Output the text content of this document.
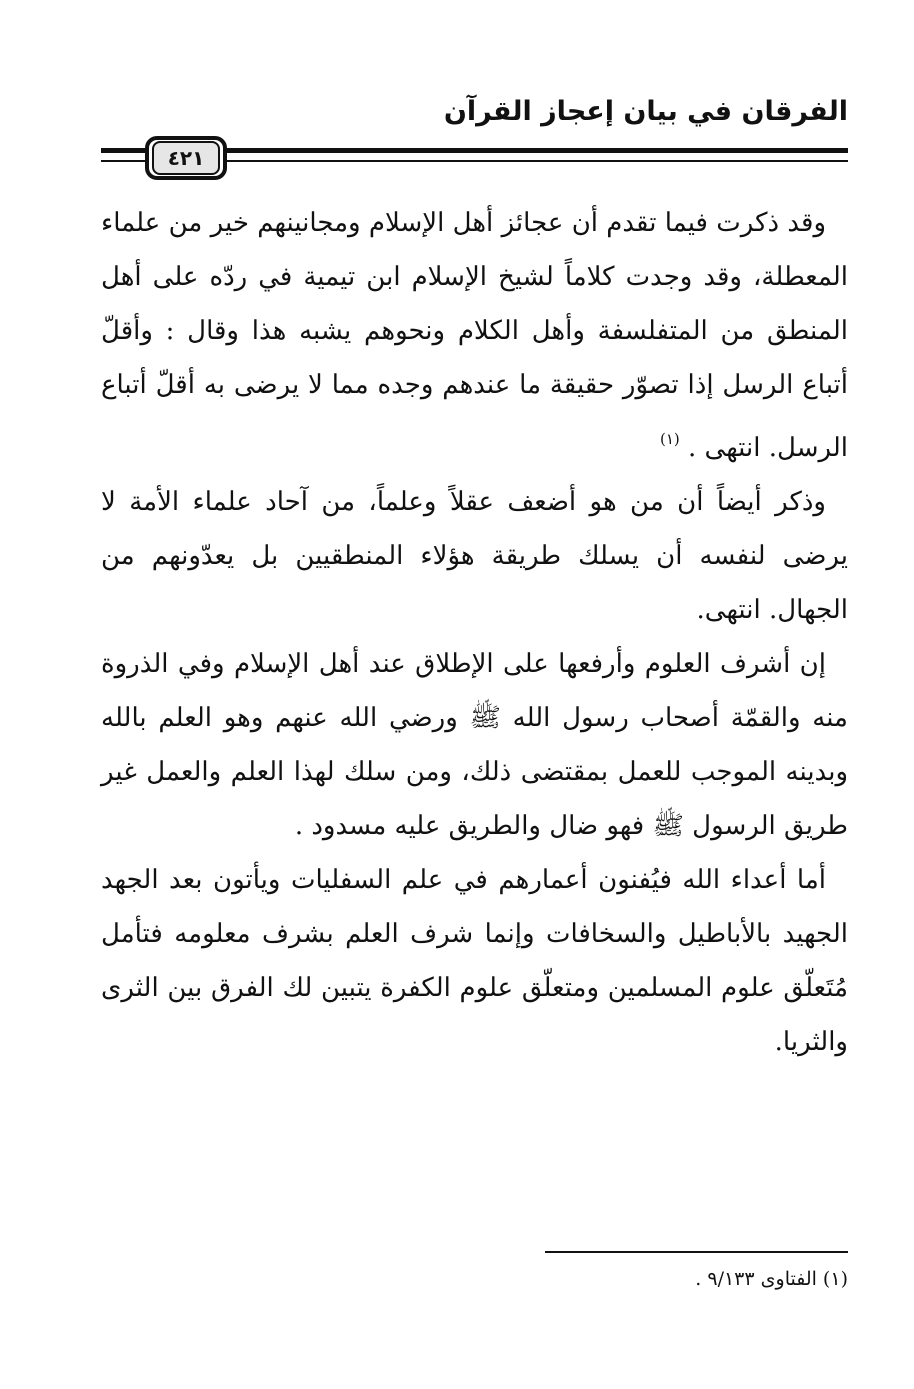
الفرقان في بيان إعجاز القرآن
٤٢١

وقد ذكرت فيما تقدم أن عجائز أهل الإسلام ومجانينهم خير من علماء المعطلة، وقد وجدت كلاماً لشيخ الإسلام ابن تيمية في ردّه على أهل المنطق من المتفلسفة وأهل الكلام ونحوهم يشبه هذا وقال : وأقلّ أتباع الرسل إذا تصوّر حقيقة ما عندهم وجده مما لا يرضى به أقلّ أتباع الرسل. انتهى . $^{(١)}$

وذكر أيضاً أن من هو أضعف عقلاً وعلماً، من آحاد علماء الأمة لا يرضى لنفسه أن يسلك طريقة هؤلاء المنطقيين بل يعدّونهم من الجهال. انتهى.

إن أشرف العلوم وأرفعها على الإطلاق عند أهل الإسلام وفي الذروة منه والقمّة أصحاب رسول الله ﷺ ورضي الله عنهم وهو العلم بالله وبدينه الموجب للعمل بمقتضى ذلك، ومن سلك لهذا العلم والعمل غير طريق الرسول ﷺ فهو ضال والطريق عليه مسدود .

أما أعداء الله فيُفنون أعمارهم في علم السفليات ويأتون بعد الجهد الجهيد بالأباطيل والسخافات وإنما شرف العلم بشرف معلومه فتأمل مُتَعلّق علوم المسلمين ومتعلّق علوم الكفرة يتبين لك الفرق بين الثرى والثريا.

(١) الفتاوى ٩/١٣٣ .
